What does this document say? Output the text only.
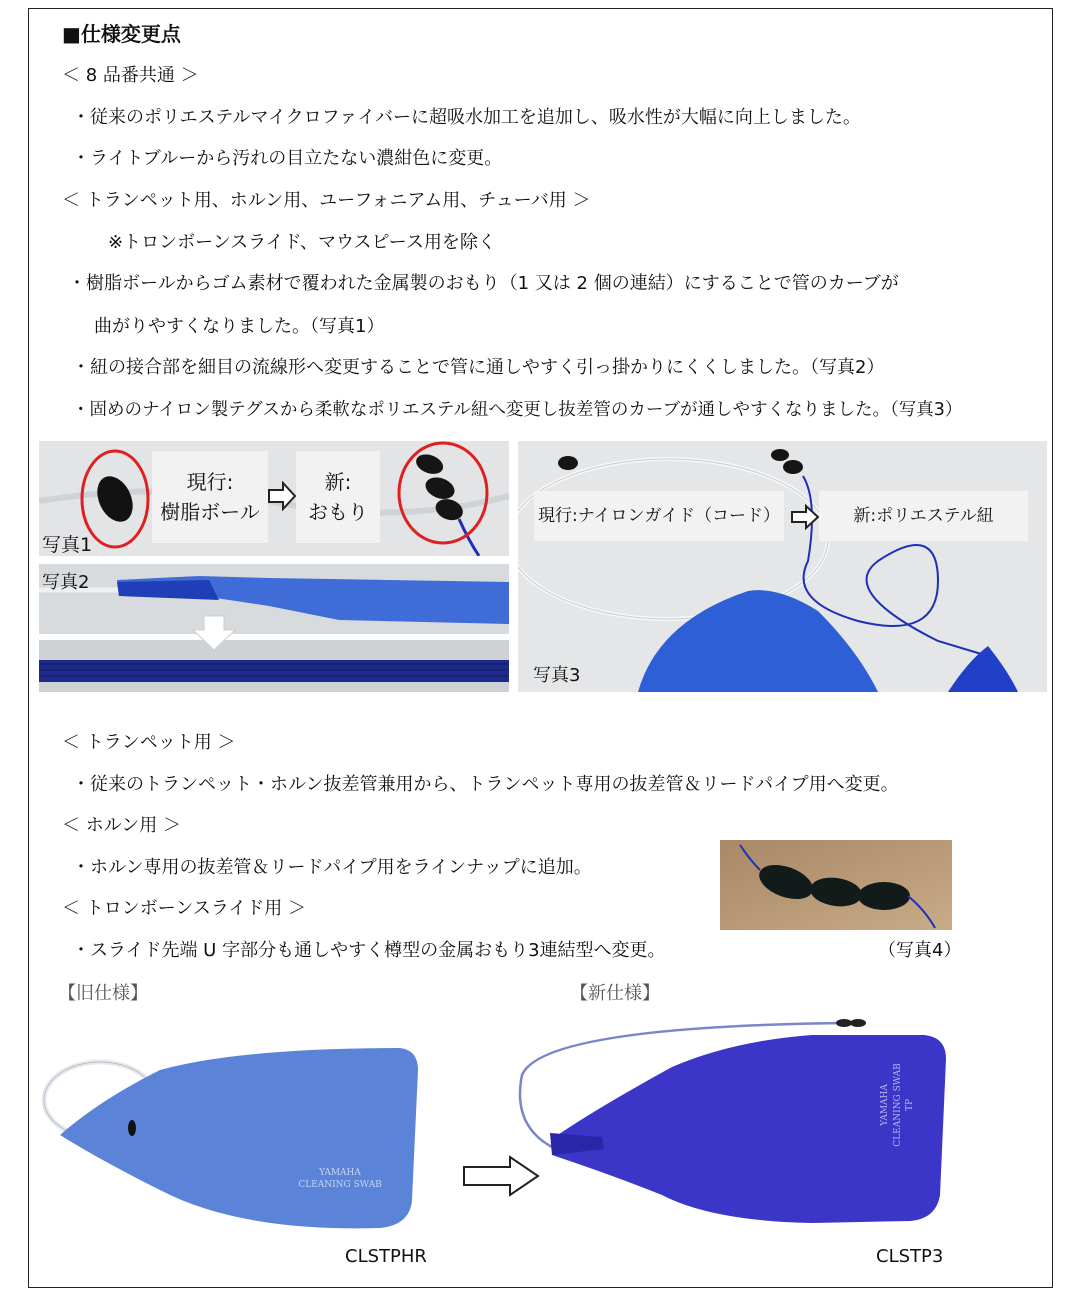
■仕様変更点
＜ 8 品番共通 ＞
・従来のポリエステルマイクロファイバーに超吸水加工を追加し、吸水性が大幅に向上しました。
・ライトブルーから汚れの目立たない濃紺色に変更。
＜ トランペット用、ホルン用、ユーフォニアム用、チューバ用 ＞
※トロンボーンスライド、マウスピース用を除く
・樹脂ボールからゴム素材で覆われた金属製のおもり（1 又は 2 個の連結）にすることで管のカーブが
曲がりやすくなりました。（写真1）
・紐の接合部を細目の流線形へ変更することで管に通しやすく引っ掛かりにくくしました。（写真2）
・固めのナイロン製テグスから柔軟なポリエステル紐へ変更し抜差管のカーブが通しやすくなりました。（写真3）
現行:
樹脂ボール
新:
おもり
写真1
写真2
現行:ナイロンガイド（コード）	新:ポリエステル紐
写真3
＜ トランペット用 ＞
・従来のトランペット・ホルン抜差管兼用から、トランペット専用の抜差管＆リードパイプ用へ変更。
＜ ホルン用 ＞
・ホルン専用の抜差管＆リードパイプ用をラインナップに追加。
＜ トロンボーンスライド用 ＞
・スライド先端 U 字部分も通しやすく樽型の金属おもり3連結型へ変更。	（写真4）
【旧仕様】	【新仕様】
YAMAHA
CLEANING SWAB
YAMAHA CLEANING SWAB TP
CLSTPHR	CLSTP3
